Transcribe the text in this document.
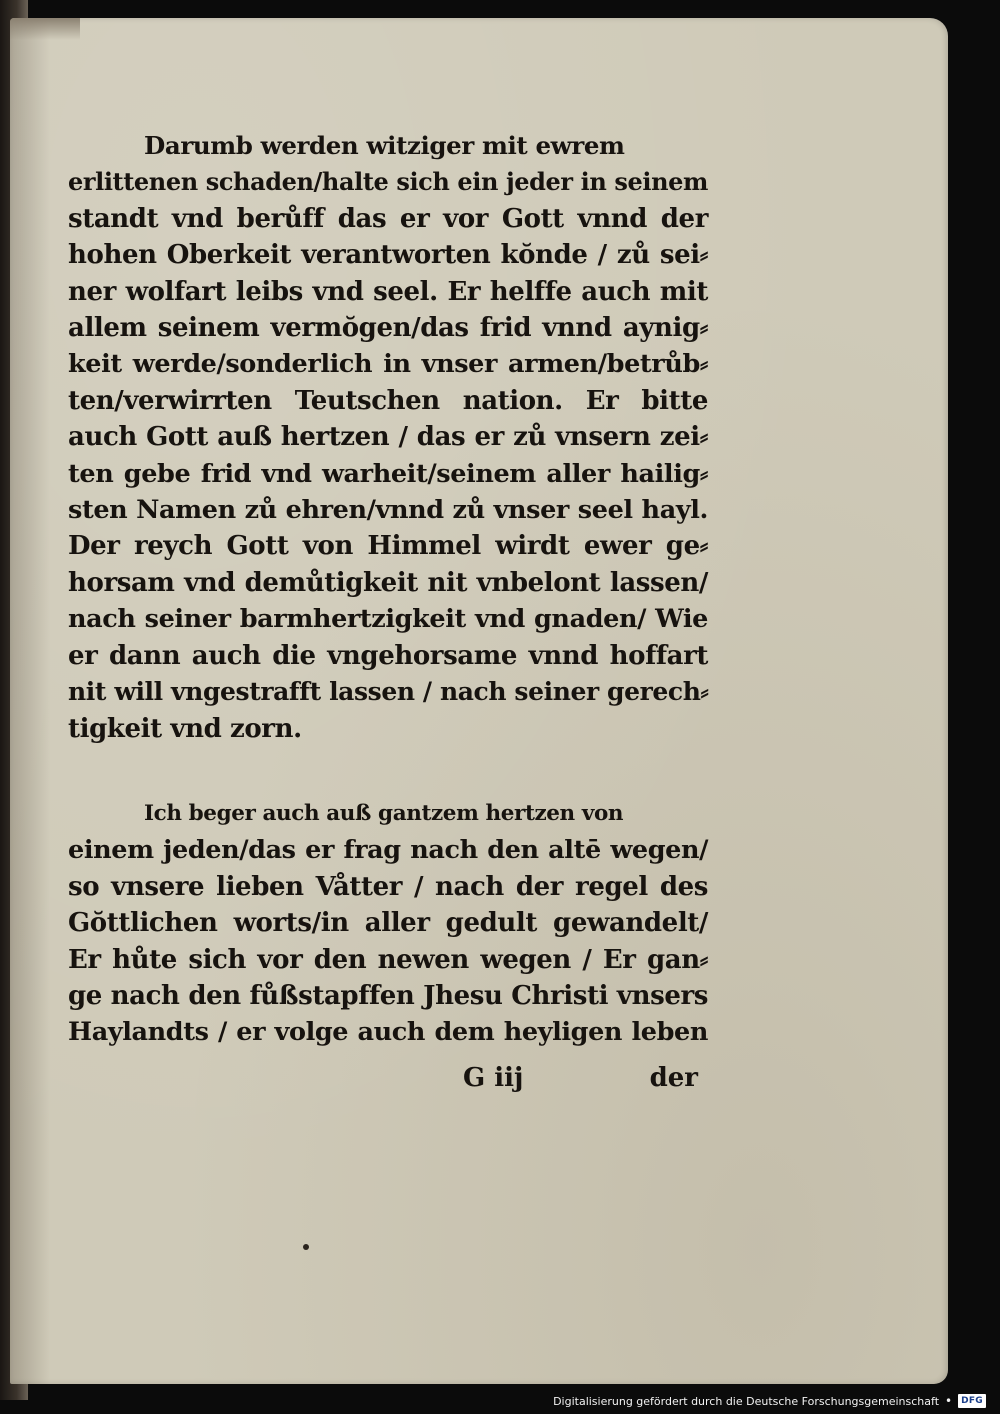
Darumb werden witziger mit ewrem
erlittenen schaden/halte sich ein jeder in seinem
standt vnd berůff das er vor Gott vnnd der
hohen Oberkeit verantworten kŏnde / zů sei⸗
ner wolfart leibs vnd seel. Er helffe auch mit
allem seinem vermŏgen/das frid vnnd aynig⸗
keit werde/sonderlich in vnser armen/betrůb⸗
ten/verwirrten Teutschen nation. Er bitte
auch Gott auß hertzen / das er zů vnsern zei⸗
ten gebe frid vnd warheit/seinem aller hailig⸗
sten Namen zů ehren/vnnd zů vnser seel hayl.
Der reych Gott von Himmel wirdt ewer ge⸗
horsam vnd demůtigkeit nit vnbelont lassen/
nach seiner barmhertzigkeit vnd gnaden/ Wie
er dann auch die vngehorsame vnnd hoffart
nit will vngestrafft lassen / nach seiner gerech⸗
tigkeit vnd zorn.
Ich beger auch auß gantzem hertzen von
einem jeden/das er frag nach den altē wegen/
so vnsere lieben Våtter / nach der regel des
Gŏttlichen worts/in aller gedult gewandelt/
Er hůte sich vor den newen wegen / Er gan⸗
ge nach den fůßstapffen Jhesu Christi vnsers
Haylandts / er volge auch dem heyligen leben
G iij	der
Digitalisierung gefördert durch die Deutsche Forschungsgemeinschaft •	DFG
